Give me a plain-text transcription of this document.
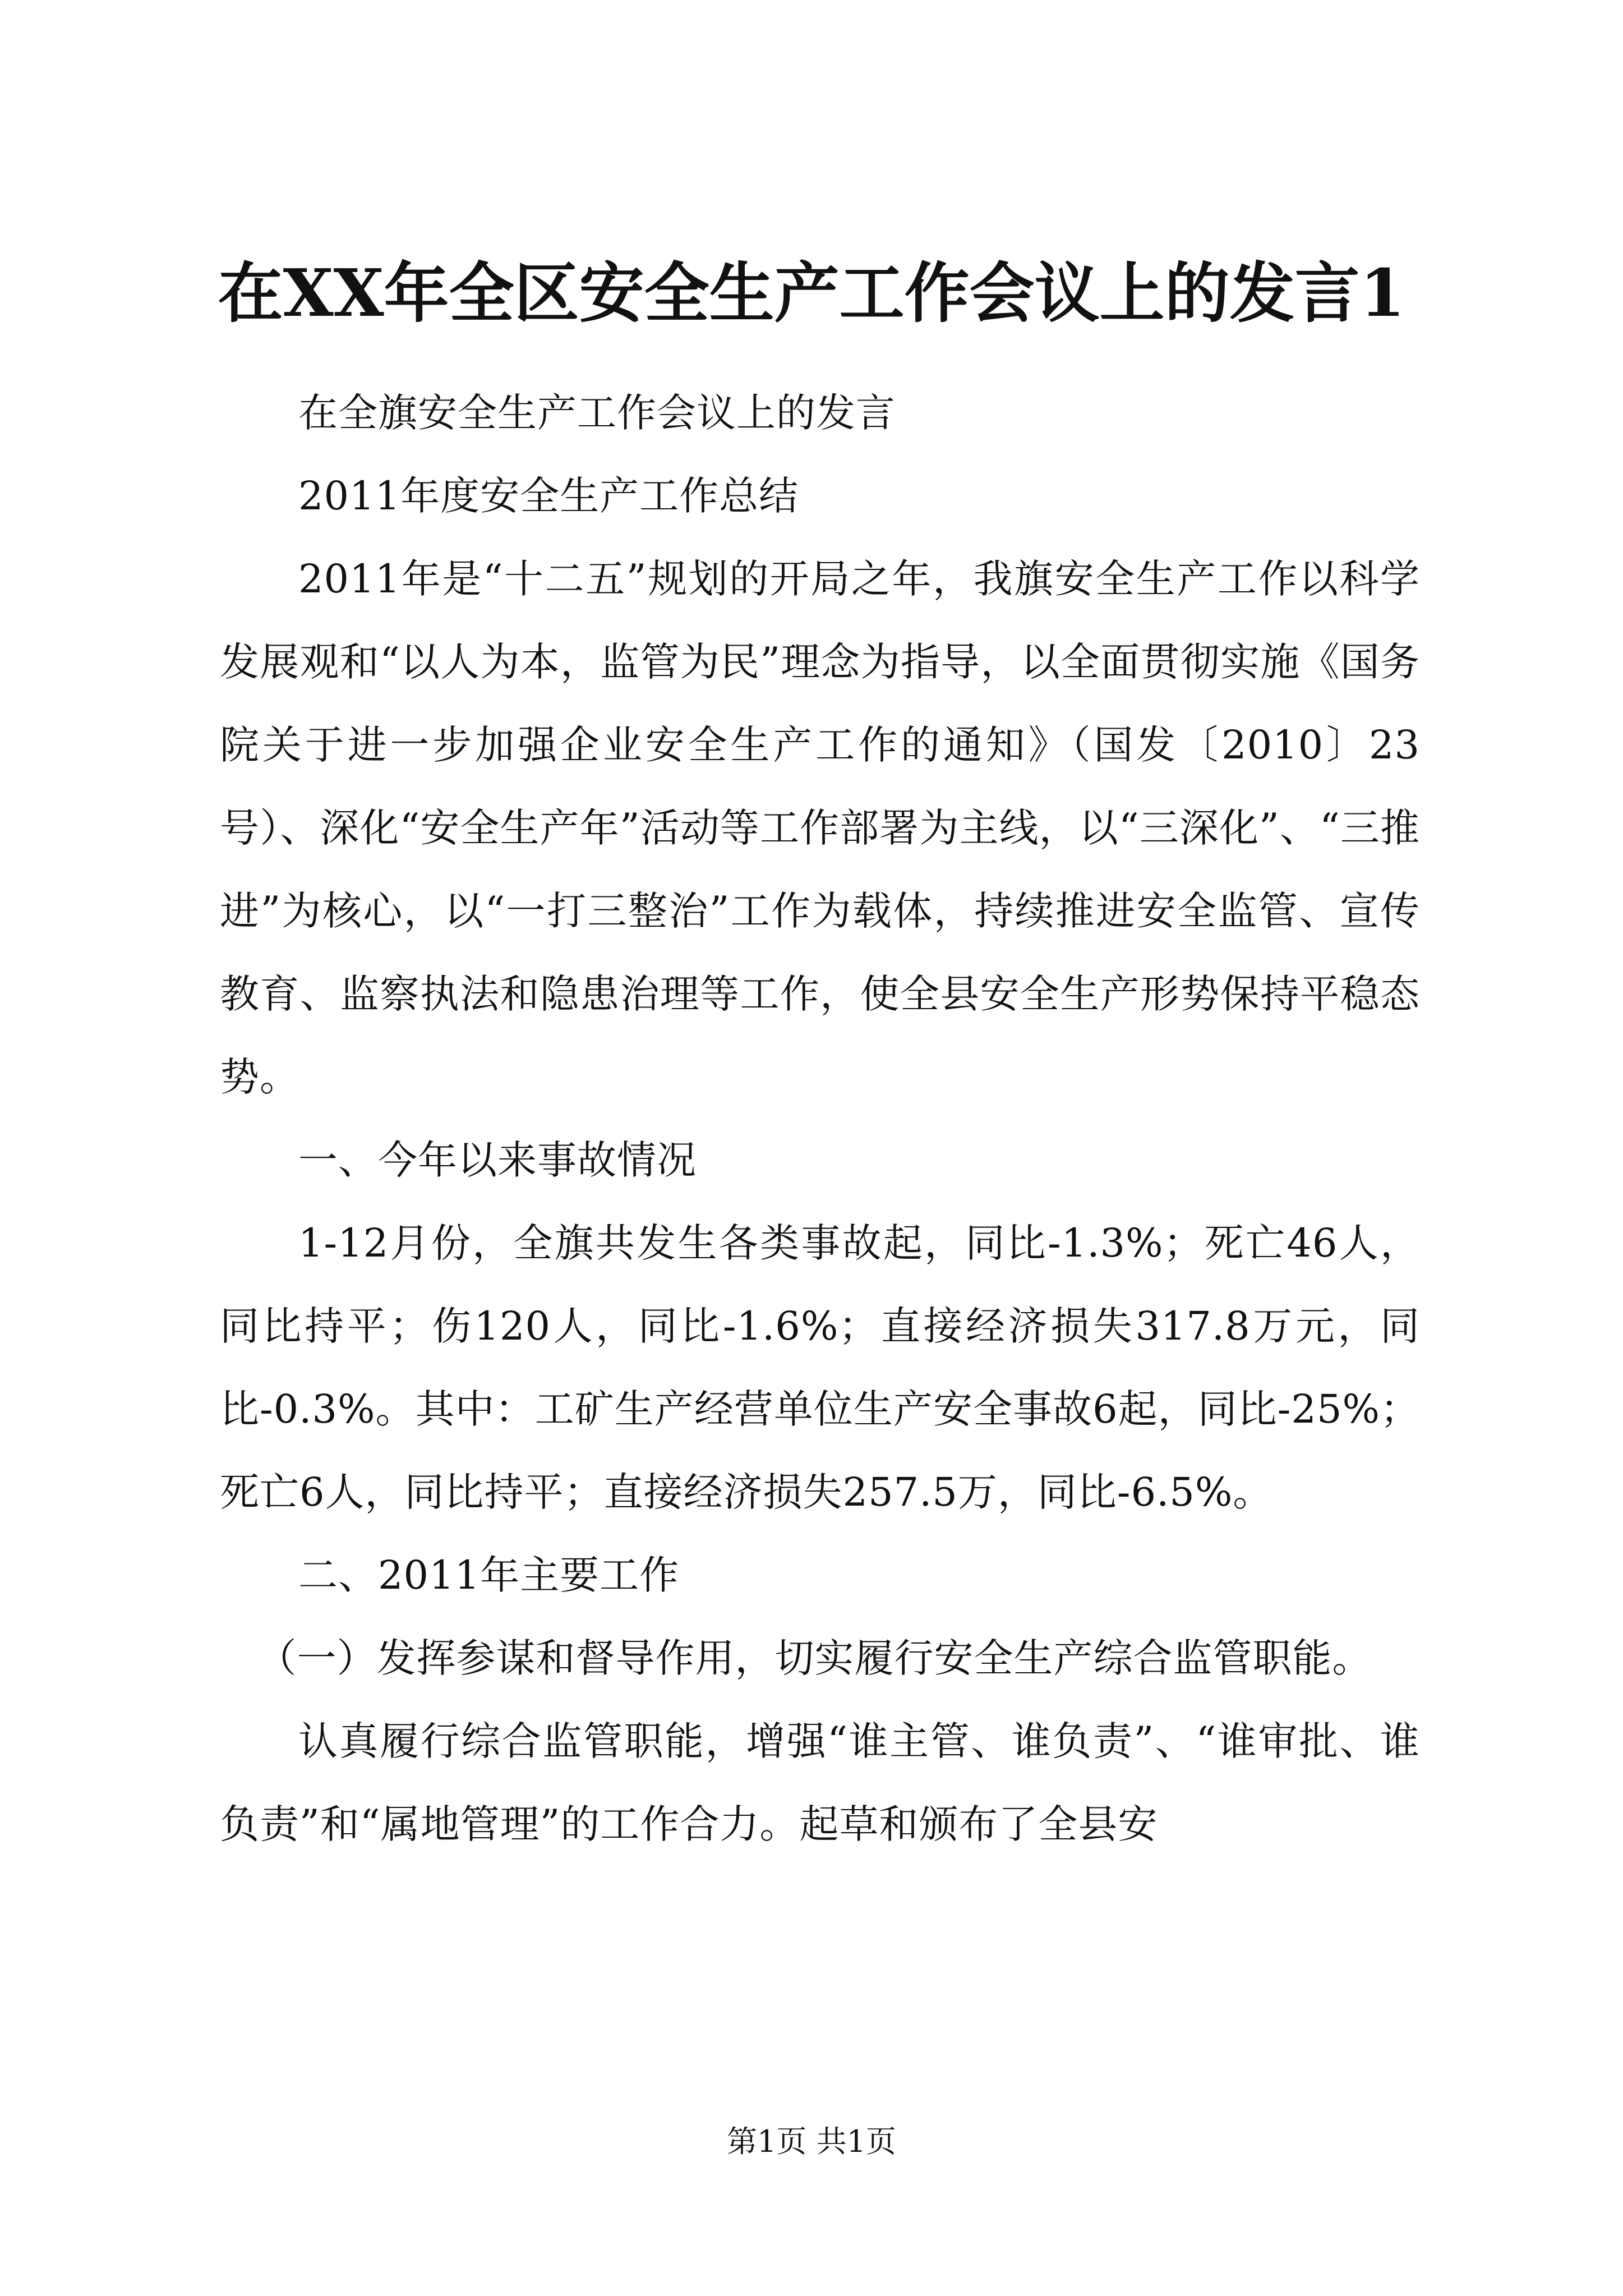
在XX年全区安全生产工作会议上的发言1

在全旗安全生产工作会议上的发言

2011年度安全生产工作总结

2011年是“十二五”规划的开局之年，我旗安全生产工作以科学发展观和“以人为本，监管为民”理念为指导，以全面贯彻实施《国务院关于进一步加强企业安全生产工作的通知》（国发〔2010〕23号）、深化“安全生产年”活动等工作部署为主线，以“三深化”、“三推进”为核心，以“一打三整治”工作为载体，持续推进安全监管、宣传教育、监察执法和隐患治理等工作，使全县安全生产形势保持平稳态势。

一、今年以来事故情况

1-12月份，全旗共发生各类事故起，同比-1.3%；死亡46人，同比持平；伤120人，同比-1.6%；直接经济损失317.8万元，同比-0.3%。其中：工矿生产经营单位生产安全事故6起，同比-25%；死亡6人，同比持平；直接经济损失257.5万，同比-6.5%。

二、2011年主要工作

（一）发挥参谋和督导作用，切实履行安全生产综合监管职能。

认真履行综合监管职能，增强“谁主管、谁负责”、“谁审批、谁负责”和“属地管理”的工作合力。起草和颁布了全县安

第1页 共1页
